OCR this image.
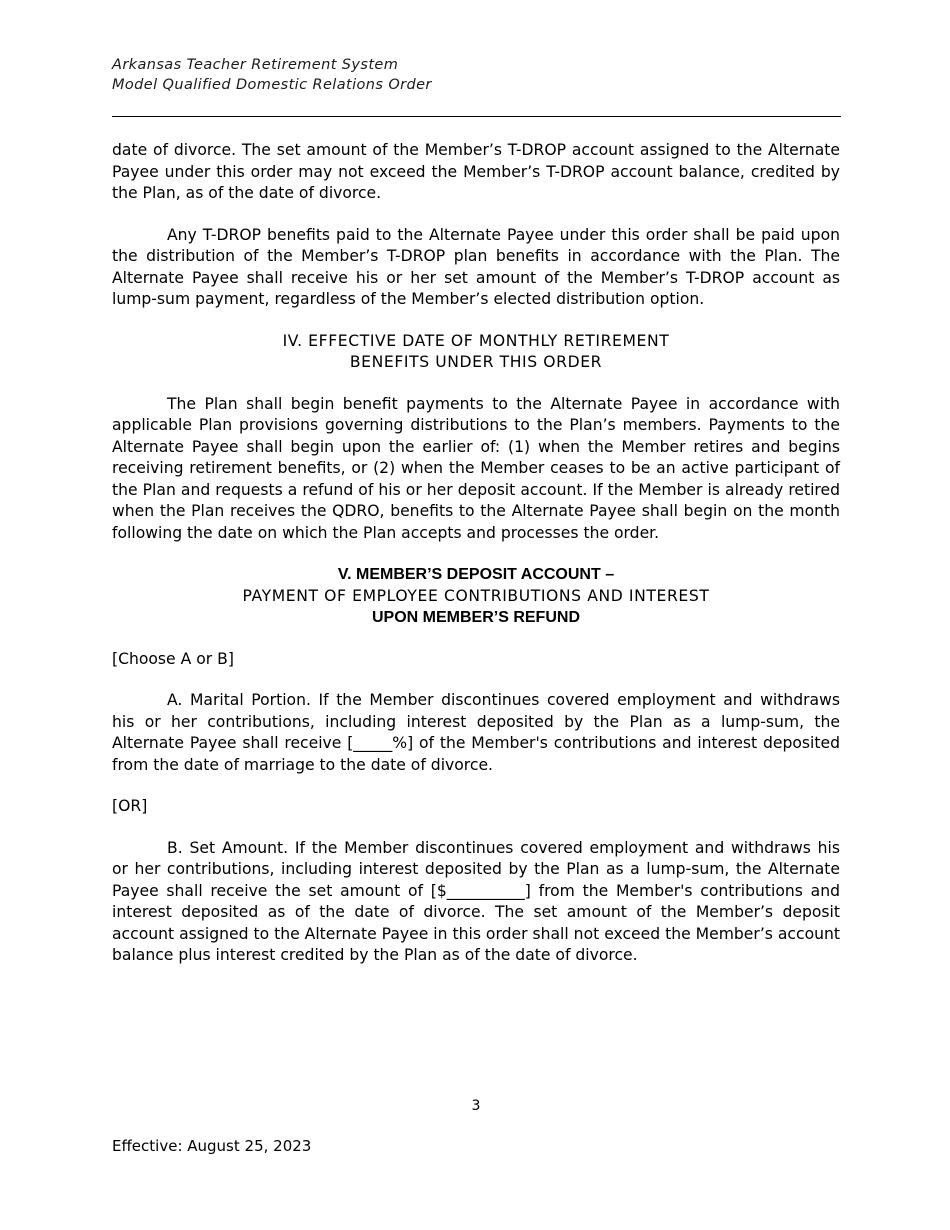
Arkansas Teacher Retirement System
Model Qualified Domestic Relations Order

date of divorce. The set amount of the Member’s T-DROP account assigned to the Alternate Payee under this order may not exceed the Member’s T-DROP account balance, credited by the Plan, as of the date of divorce.

Any T-DROP benefits paid to the Alternate Payee under this order shall be paid upon the distribution of the Member’s T-DROP plan benefits in accordance with the Plan. The Alternate Payee shall receive his or her set amount of the Member’s T-DROP account as lump-sum payment, regardless of the Member’s elected distribution option.

IV. EFFECTIVE DATE OF MONTHLY RETIREMENT
BENEFITS UNDER THIS ORDER

The Plan shall begin benefit payments to the Alternate Payee in accordance with applicable Plan provisions governing distributions to the Plan’s members. Payments to the Alternate Payee shall begin upon the earlier of: (1) when the Member retires and begins receiving retirement benefits, or (2) when the Member ceases to be an active participant of the Plan and requests a refund of his or her deposit account. If the Member is already retired when the Plan receives the QDRO, benefits to the Alternate Payee shall begin on the month following the date on which the Plan accepts and processes the order.

V. MEMBER’S DEPOSIT ACCOUNT –
PAYMENT OF EMPLOYEE CONTRIBUTIONS AND INTEREST
UPON MEMBER’S REFUND
[Choose A or B]

A. Marital Portion. If the Member discontinues covered employment and withdraws his or her contributions, including interest deposited by the Plan as a lump-sum, the Alternate Payee shall receive [_____%] of the Member's contributions and interest deposited from the date of marriage to the date of divorce.

[OR]

B. Set Amount. If the Member discontinues covered employment and withdraws his or her contributions, including interest deposited by the Plan as a lump-sum, the Alternate Payee shall receive the set amount of [$__________] from the Member's contributions and interest deposited as of the date of divorce. The set amount of the Member’s deposit account assigned to the Alternate Payee in this order shall not exceed the Member’s account balance plus interest credited by the Plan as of the date of divorce.

3
Effective: August 25, 2023
